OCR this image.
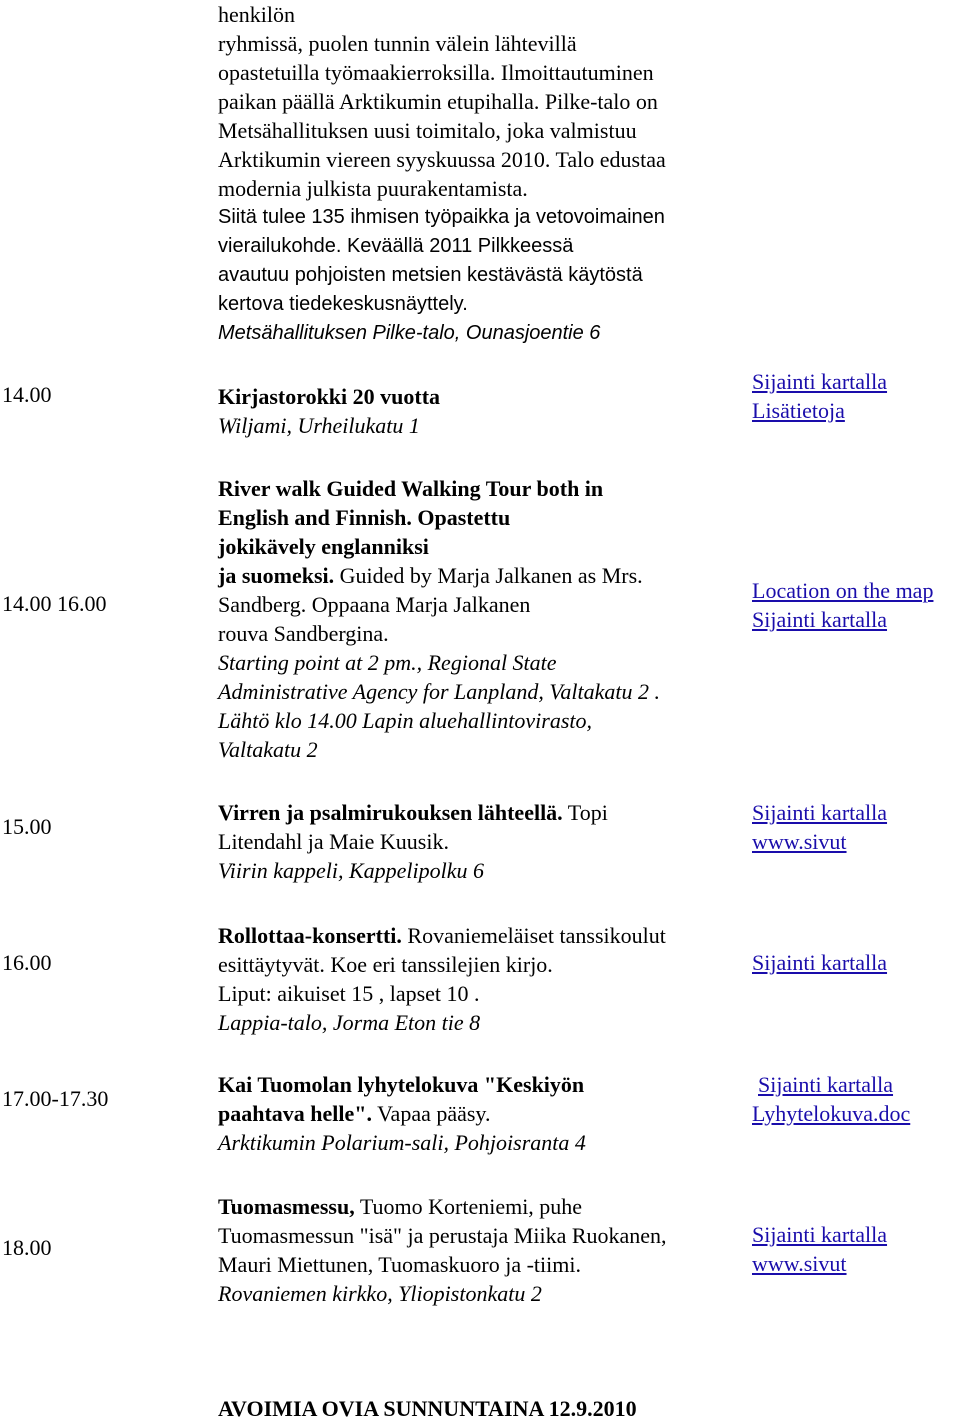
henkilön
ryhmissä, puolen tunnin välein lähtevillä
opastetuilla työmaakierroksilla. Ilmoittautuminen
paikan päällä Arktikumin etupihalla. Pilke-talo on
Metsähallituksen uusi toimitalo, joka valmistuu
Arktikumin viereen syyskuussa 2010. Talo edustaa
modernia julkista puurakentamista.
Siitä tulee 135 ihmisen työpaikka ja vetovoimainen
vierailukohde. Keväällä 2011 Pilkkeessä
avautuu pohjoisten metsien kestävästä käytöstä
kertova tiedekeskusnäyttely.
Metsähallituksen Pilke-talo, Ounasjoentie 6
14.00	Kirjastorokki 20 vuotta
Wiljami, Urheilukatu 1
Sijainti kartalla
Lisätietoja
14.00 16.00
River walk Guided Walking Tour both in
English and Finnish. Opastettu
jokikävely englanniksi
ja suomeksi. Guided by Marja Jalkanen as Mrs.
Sandberg. Oppaana Marja Jalkanen
rouva Sandbergina.
Starting point at 2 pm., Regional State
Administrative Agency for Lanpland, Valtakatu 2 .
Lähtö klo 14.00 Lapin aluehallintovirasto,
Valtakatu 2
Location on the map
Sijainti kartalla
15.00
Virren ja psalmirukouksen lähteellä. Topi
Litendahl ja Maie Kuusik.
Viirin kappeli, Kappelipolku 6
Sijainti kartalla
www.sivut
16.00
Rollottaa-konsertti. Rovaniemeläiset tanssikoulut
esittäytyvät. Koe eri tanssilejien kirjo.
Liput: aikuiset 15 , lapset 10 .
Lappia-talo, Jorma Eton tie 8
Sijainti kartalla
17.00-17.30
Kai Tuomolan lyhytelokuva "Keskiyön
paahtava helle". Vapaa pääsy.
Arktikumin Polarium-sali, Pohjoisranta 4
Sijainti kartalla
Lyhytelokuva.doc
18.00
Tuomasmessu, Tuomo Korteniemi, puhe
Tuomasmessun "isä" ja perustaja Miika Ruokanen,
Mauri Miettunen, Tuomaskuoro ja -tiimi.
Rovaniemen kirkko, Yliopistonkatu 2
Sijainti kartalla
www.sivut
AVOIMIA OVIA SUNNUNTAINA 12.9.2010
